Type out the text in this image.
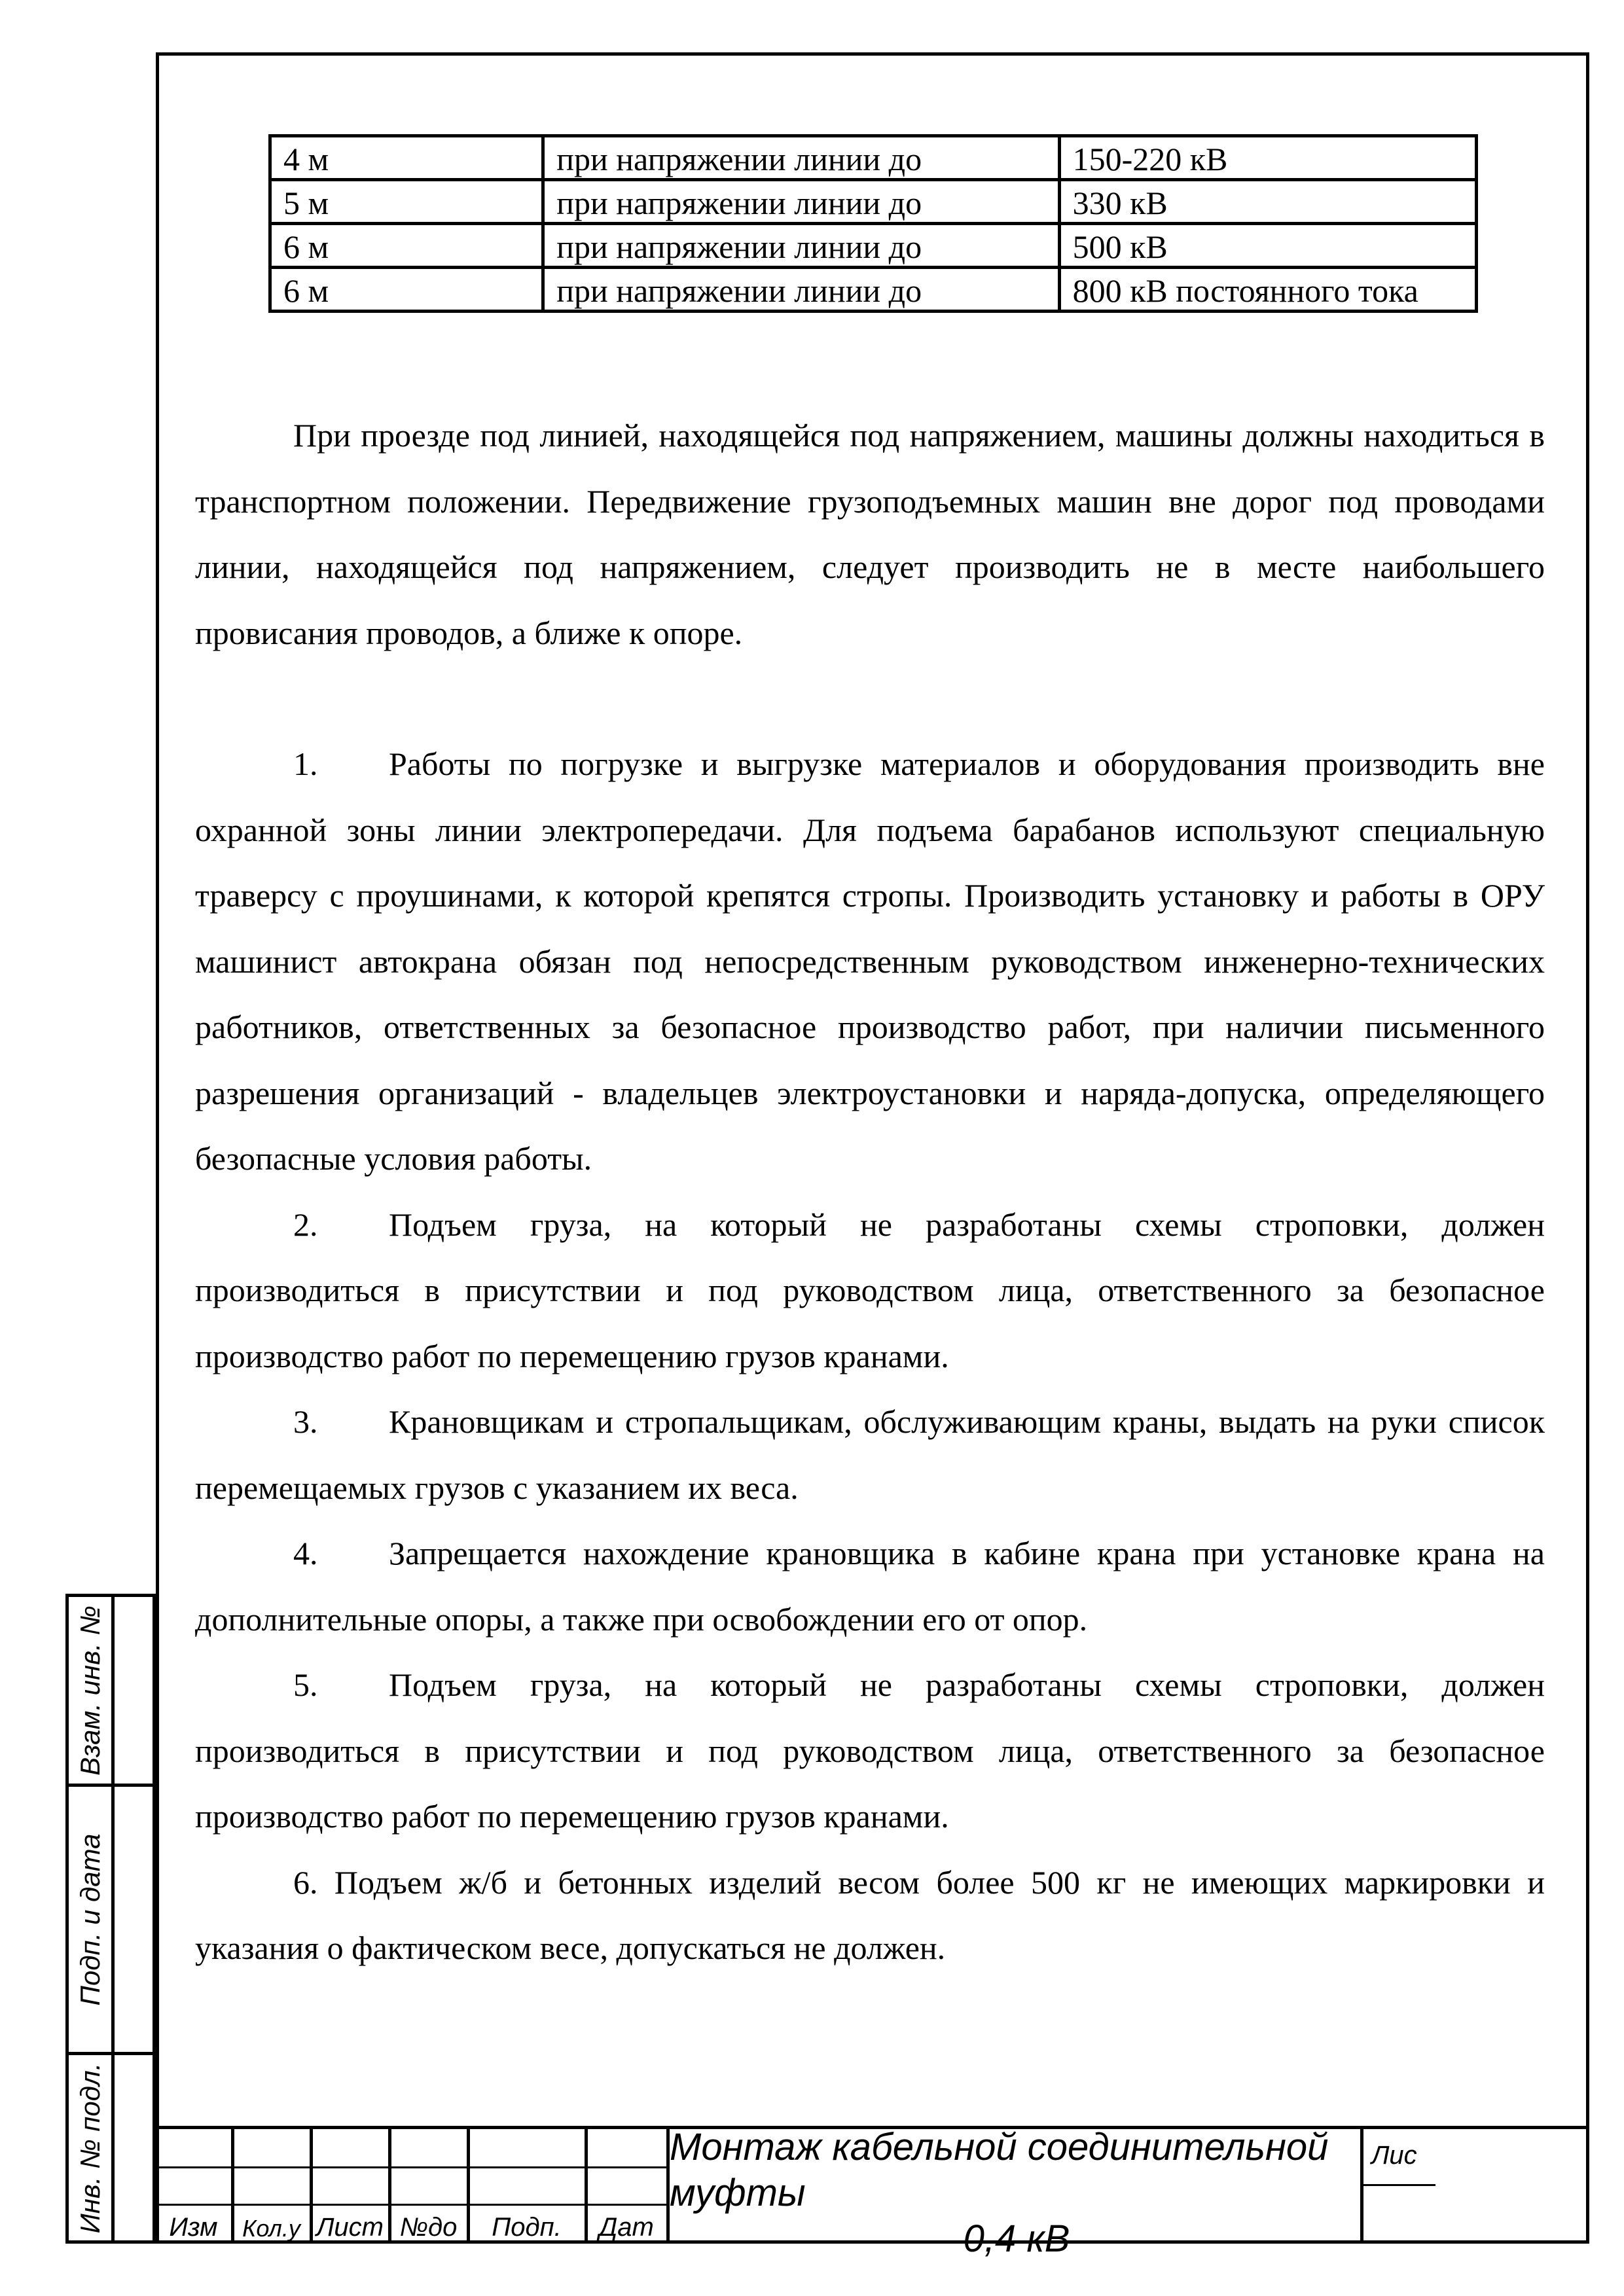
4 м	при напряжении линии до	150-220 кВ
5 м	при напряжении линии до	330 кВ
6 м	при напряжении линии до	500 кВ
6 м	при напряжении линии до	800 кВ постоянного тока

При проезде под линией, находящейся под напряжением, машины должны находиться в транспортном положении. Передвижение грузоподъемных машин вне дорог под проводами линии, находящейся под напряжением, следует производить не в месте наибольшего провисания проводов, а ближе к опоре.

1. Работы по погрузке и выгрузке материалов и оборудования производить вне охранной зоны линии электропередачи. Для подъема барабанов используют специальную траверсу с проушинами, к которой крепятся стропы. Производить установку и работы в ОРУ машинист автокрана обязан под непосредственным руководством инженерно-технических работников, ответственных за безопасное производство работ, при наличии письменного разрешения организаций - владельцев электроустановки и наряда-допуска, определяющего безопасные условия работы.

2. Подъем груза, на который не разработаны схемы строповки, должен производиться в присутствии и под руководством лица, ответственного за безопасное производство работ по перемещению грузов кранами.

3. Крановщикам и стропальщикам, обслуживающим краны, выдать на руки список перемещаемых грузов с указанием их веса.

4. Запрещается нахождение крановщика в кабине крана при установке крана на дополнительные опоры, а также при освобождении его от опор.

5. Подъем груза, на который не разработаны схемы строповки, должен производиться в присутствии и под руководством лица, ответственного за безопасное производство работ по перемещению грузов кранами.

6. Подъем ж/б и бетонных изделий весом более 500 кг не имеющих маркировки и указания о фактическом весе, допускаться не должен.

Взам. инв. №
Подп. и дата
Инв. № подл.	Изм	Кол.у Лист №до	Подп.	Дат
Монтаж кабельной соединительной муфты
0,4 кВ
Лис
